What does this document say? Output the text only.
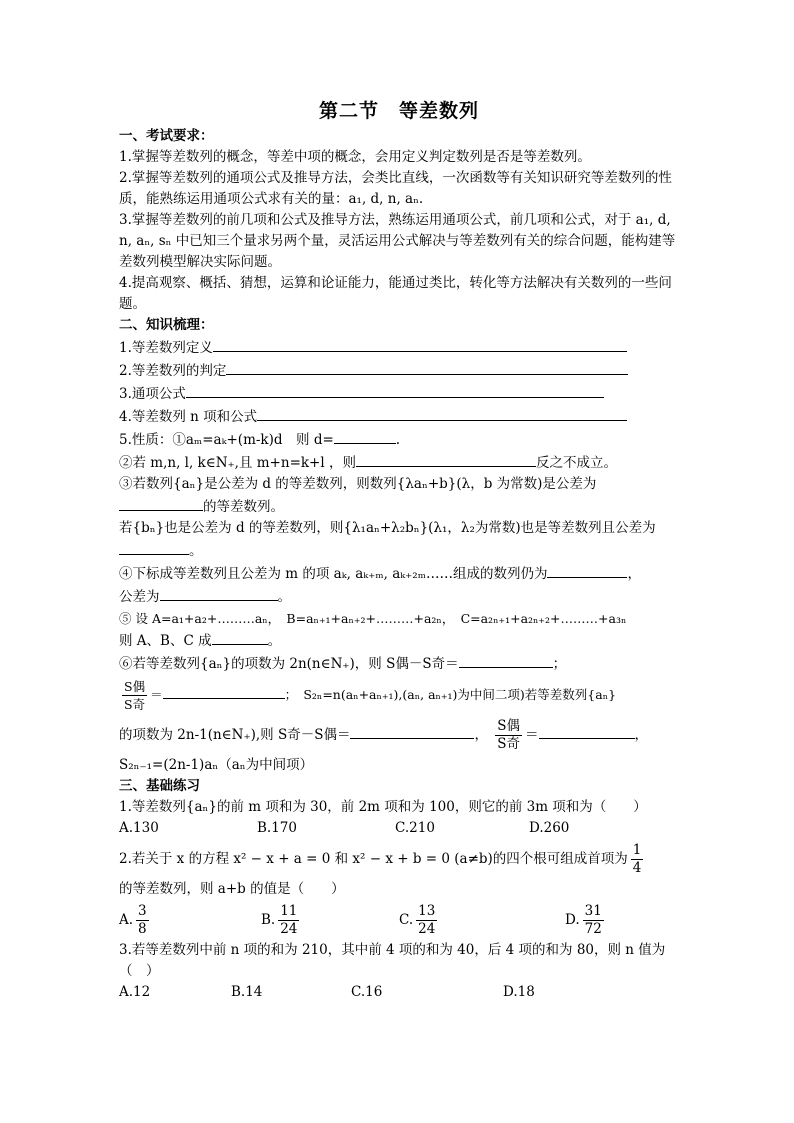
第二节　等差数列
一、考试要求：

1.掌握等差数列的概念，等差中项的概念，会用定义判定数列是否是等差数列。

2.掌握等差数列的通项公式及推导方法，会类比直线，一次函数等有关知识研究等差数列的性质，能熟练运用通项公式求有关的量：a₁, d, n, aₙ.

3.掌握等差数列的前几项和公式及推导方法，熟练运用通项公式，前几项和公式，对于 a₁, d, n, aₙ, sₙ 中已知三个量求另两个量，灵活运用公式解决与等差数列有关的综合问题，能构建等差数列模型解决实际问题。

4.提高观察、概括、猜想，运算和论证能力，能通过类比，转化等方法解决有关数列的一些问题。

二、知识梳理：

1.等差数列定义

2.等差数列的判定

3.通项公式

4.等差数列 n 项和公式

5.性质：①aₘ=aₖ+(m-k)d　则 d=	.

②若 m,n, l, k∈N₊,且 m+n=k+l ，则	反之不成立。

③若数列{aₙ}是公差为 d 的等差数列，则数列{λaₙ+b}(λ，b 为常数)是公差为

的等差数列。

若{bₙ}也是公差为 d 的等差数列，则{λ₁aₙ+λ₂bₙ}(λ₁，λ₂为常数)也是等差数列且公差为。

④下标成等差数列且公差为 m 的项 aₖ, aₖ₊ₘ, aₖ₊₂ₘ……组成的数列仍为	，

公差为	。

⑤ 设 A=a₁+a₂+………aₙ，　B=aₙ₊₁+aₙ₊₂+………+a₂ₙ，　C=a₂ₙ₊₁+a₂ₙ₊₂+………+a₃ₙ

则 A、B、C 成	。

⑥若等差数列{aₙ}的项数为 2n(n∈N₊)，则 S偶－S奇＝	；

$\frac{\text{S偶}}{\text{S奇}}$ ＝	；　S₂ₙ=n(aₙ+aₙ₊₁),(aₙ, aₙ₊₁)为中间二项)若等差数列{aₙ}

的项数为 2n-1(n∈N₊),则 S奇－S偶＝	， $\frac{\text{S偶}}{\text{S奇}}$ ＝	，

S₂ₙ₋₁=(2n-1)aₙ（aₙ为中间项）

三、基础练习

1.等差数列{aₙ}的前 m 项和为 30，前 2m 项和为 100，则它的前 3m 项和为（　　）

A.130	B.170	C.210	D.260

2.若关于 x 的方程 x² − x + a = 0 和 x² − x + b = 0 (a≠b)的四个根可组成首项为 $\frac{1}{4}$

的等差数列，则 a+b 的值是（　　）

A. $\frac{3}{8}$	B. $\frac{11}{24}$	C. $\frac{13}{24}$	D. $\frac{31}{72}$

3.若等差数列中前 n 项的和为 210，其中前 4 项的和为 40，后 4 项的和为 80，则 n 值为（　）

A.12	B.14	C.16	D.18
